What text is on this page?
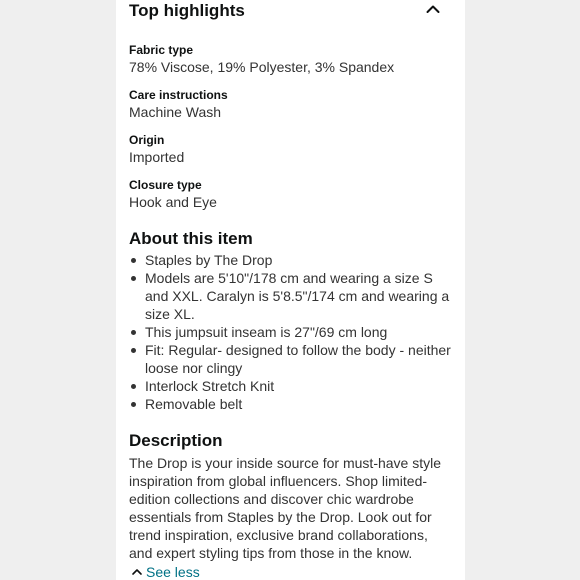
Top highlights
Fabric type
78% Viscose, 19% Polyester, 3% Spandex
Care instructions
Machine Wash
Origin
Imported
Closure type
Hook and Eye
About this item
Staples by The Drop
Models are 5'10"/178 cm and wearing a size S and XXL. Caralyn is 5'8.5"/174 cm and wearing a size XL.
This jumpsuit inseam is 27"/69 cm long
Fit: Regular- designed to follow the body - neither loose nor clingy
Interlock Stretch Knit
Removable belt
Description

The Drop is your inside source for must-have style inspiration from global influencers. Shop limited-edition collections and discover chic wardrobe essentials from Staples by the Drop. Look out for trend inspiration, exclusive brand collaborations, and expert styling tips from those in the know.

See less
